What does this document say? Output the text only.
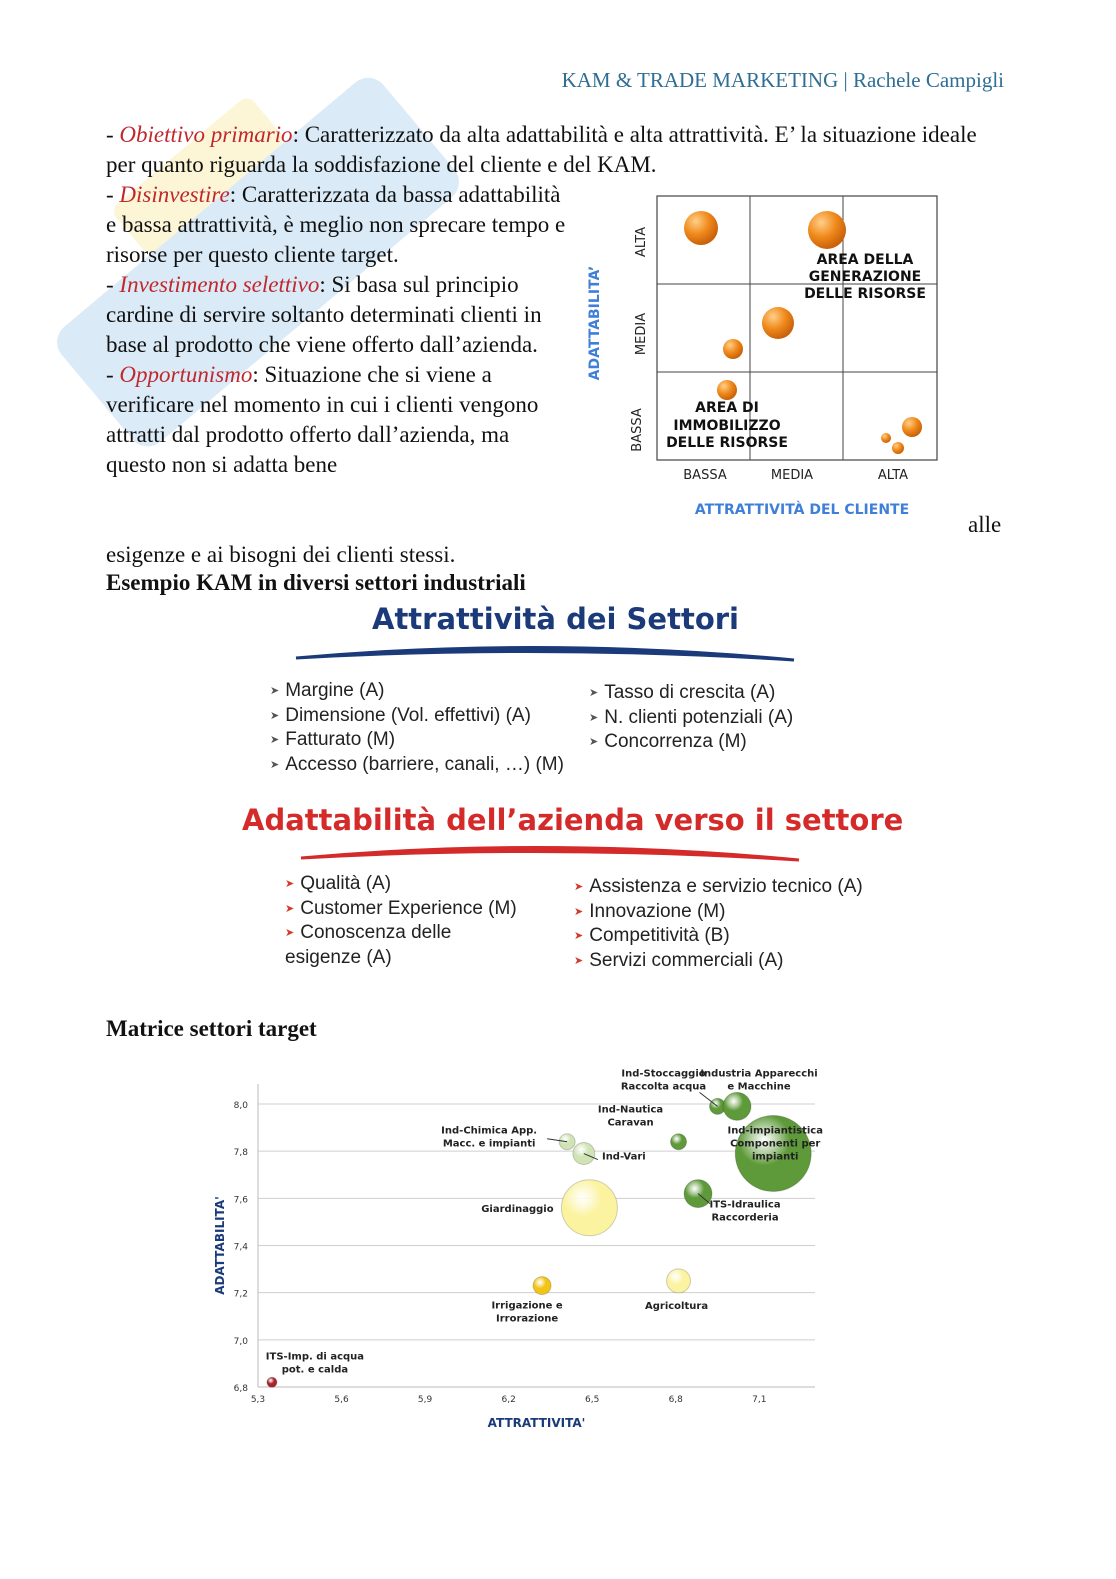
KAM & TRADE MARKETING | Rachele Campigli
- Obiettivo primario: Caratterizzato da alta adattabilità e alta attrattività. E’ la situazione ideale per quanto riguarda la soddisfazione del cliente e del KAM.
- Disinvestire: Caratterizzata da bassa adattabilità e bassa attrattività, è meglio non sprecare tempo e risorse per questo cliente target.
- Investimento selettivo: Si basa sul principio cardine di servire soltanto determinati clienti in base al prodotto che viene offerto dall’azienda.
- Opportunismo: Situazione che si viene a verificare nel momento in cui i clienti vengono attratti dal prodotto offerto dall’azienda, ma questo non si adatta bene
alle
esigenze e ai bisogni dei clienti stessi.
AREA DELLA
GENERAZIONE
DELLE RISORSE
AREA DI
IMMOBILIZZO
DELLE RISORSE
ALTA
MEDIA
BASSA
BASSA	MEDIA	ALTA
ADATTABILITA’
ATTRATTIVITÀ DEL CLIENTE
Esempio KAM in diversi settori industriali
Attrattività dei Settori
➤ Margine (A)
➤ Dimensione (Vol. effettivi) (A)
➤ Fatturato (M)
➤ Accesso (barriere, canali, …) (M)
➤ Tasso di crescita (A)
➤ N. clienti potenziali (A)
➤ Concorrenza (M)
Adattabilità dell’azienda verso il settore
➤ Qualità (A)
➤ Customer Experience (M)
➤ Conoscenza delle
esigenze (A)
➤ Assistenza e servizio tecnico (A)
➤ Innovazione (M)
➤ Competitività (B)
➤ Servizi commerciali (A)
Matrice settori target
8,0
7,8
7,6
7,4
7,2
7,0
6,8
5,3	5,6	5,9	6,2	6,5	6,8	7,1
ATTRATTIVITA'
ADATTABILITA'
Ind-Stoccaggio
Raccolta acqua
Industria Apparecchi
e Macchine
Ind-Nautica
Caravan
Ind-impiantistica
Componenti per
impianti
Ind-Chimica App.
Macc. e impianti
Ind-Vari
Giardinaggio	ITS-Idraulica
Raccorderia
Irrigazione e
Irrorazione
Agricoltura
ITS-Imp. di acqua
pot. e calda
